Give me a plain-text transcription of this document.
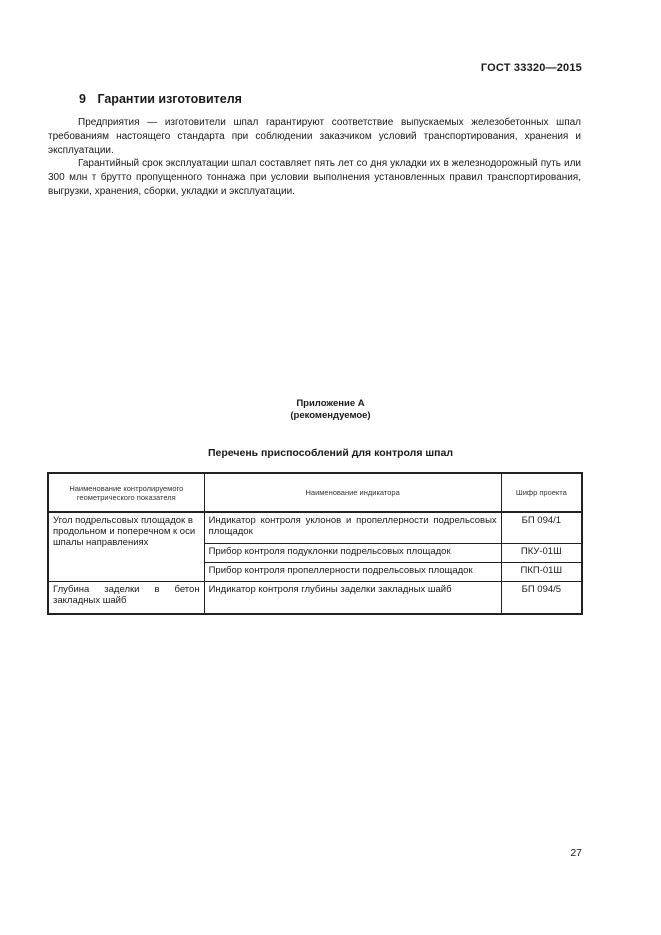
ГОСТ 33320—2015
9 Гарантии изготовителя

Предприятия — изготовители шпал гарантируют соответствие выпускаемых железобетонных шпал требованиям настоящего стандарта при соблюдении заказчиком условий транспортирования, хранения и эксплуатации.

Гарантийный срок эксплуатации шпал составляет пять лет со дня укладки их в железнодорожный путь или 300 млн т брутто пропущенного тоннажа при условии выполнения установленных правил транспортирования, выгрузки, хранения, сборки, укладки и эксплуатации.

Приложение А
(рекомендуемое)
Перечень приспособлений для контроля шпал
Наименование контролируемого геометрического показателя	Наименование индикатора	Шифр проекта
Угол подрельсовых площадок в продольном и поперечном к оси шпалы направлениях	Индикатор контроля уклонов и пропеллерности подрельсовых площадок	БП 094/1
	Прибор контроля подуклонки подрельсовых площадок	ПКУ-01Ш
	Прибор контроля пропеллерности подрельсовых площадок	ПКП-01Ш
Глубина заделки в бетон закладных шайб	Индикатор контроля глубины заделки закладных шайб	БП 094/5
27
